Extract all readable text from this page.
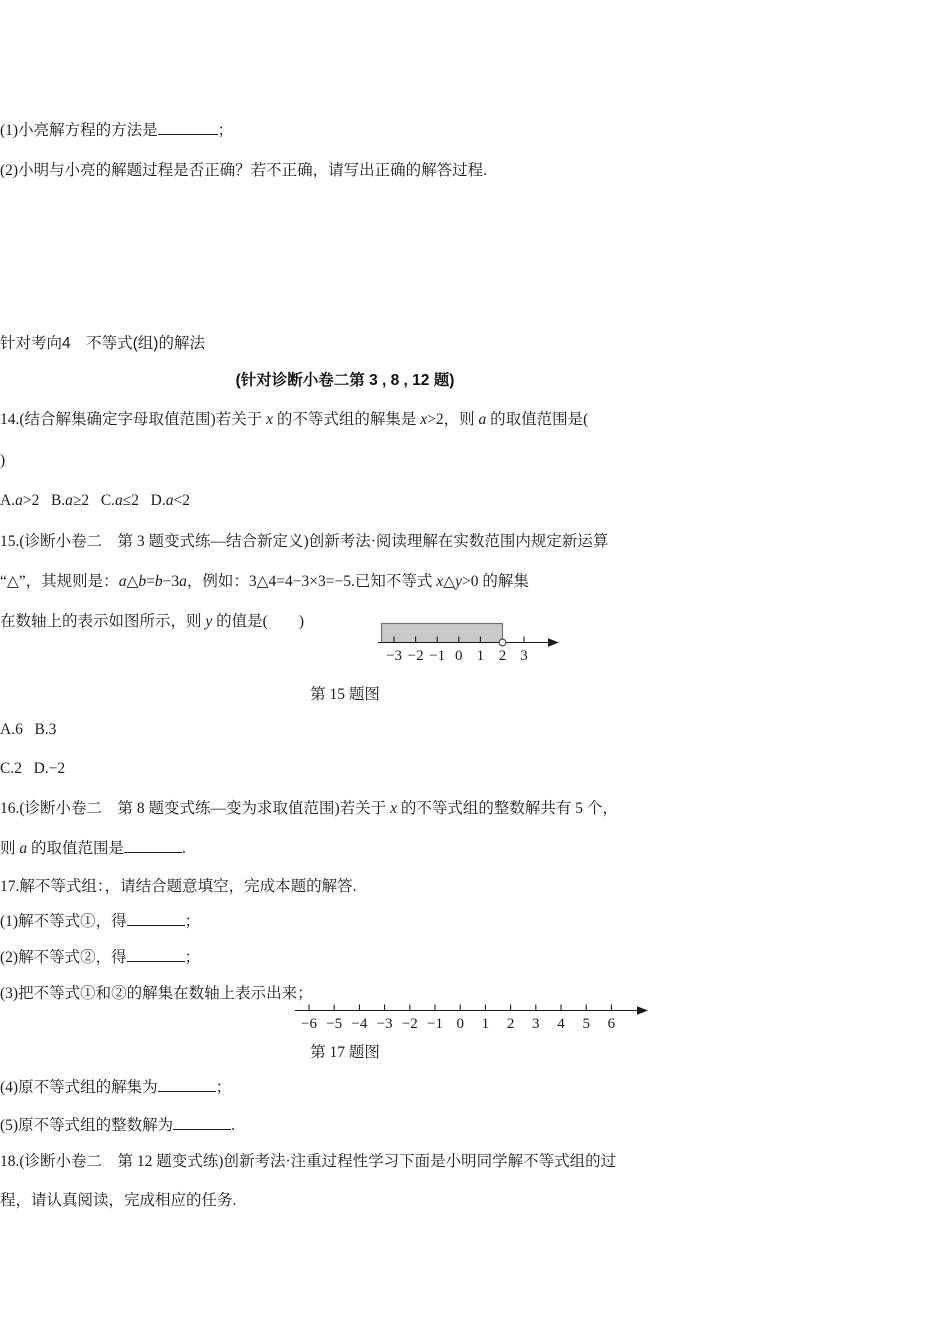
(1)小亮解方程的方法是	；
(2)小明与小亮的解题过程是否正确？若不正确，请写出正确的解答过程.
针对考向4　不等式(组)的解法
(针对诊断小卷二第 3 , 8 , 12 题)
14.(结合解集确定字母取值范围)若关于 x 的不等式组的解集是 x>2，则 a 的取值范围是(
)
A.a>2 B.a≥2 C.a≤2 D.a<2
15.(诊断小卷二　第 3 题变式练—结合新定义)创新考法·阅读理解在实数范围内规定新运算
“△”，其规则是：a△b=b−3a，例如：3△4=4−3×3=−5.已知不等式 x△y>0 的解集
在数轴上的表示如图所示，则 y 的值是(　　)
−3 −2 −1 0 1 2 3
第 15 题图
A.6 B.3
C.2 D.−2
16.(诊断小卷二　第 8 题变式练—变为求取值范围)若关于 x 的不等式组的整数解共有 5 个，
则 a 的取值范围是	.
17.解不等式组：，请结合题意填空，完成本题的解答.
(1)解不等式①，得	；
(2)解不等式②，得	；
(3)把不等式①和②的解集在数轴上表示出来；
−6 −5 −4 −3 −2 −1 0 1 2 3 4 5 6
第 17 题图
(4)原不等式组的解集为	；
(5)原不等式组的整数解为	.
18.(诊断小卷二　第 12 题变式练)创新考法·注重过程性学习下面是小明同学解不等式组的过
程，请认真阅读，完成相应的任务.
